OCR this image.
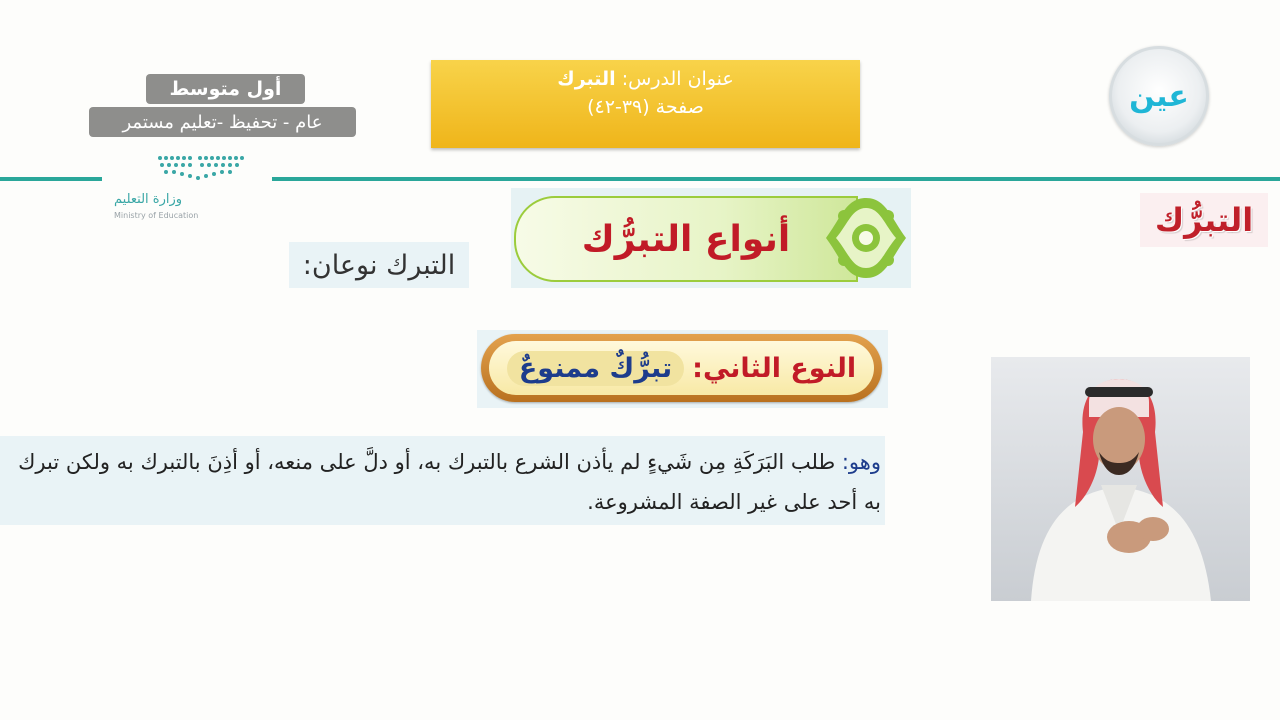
أول متوسط
عام - تحفيظ -تعليم مستمر
عنوان الدرس: التبرك
صفحة (٣٩-٤٢)	عين
وزارة التعليم
Ministry of Education	التبرُّك
أنواع التبرُّك
التبرك نوعان:
النوع الثاني:
تبرُّكٌ ممنوعٌ
وهو: طلب البَرَكَةِ مِن شَيءٍ لم يأذن الشرع بالتبرك به، أو دلَّ على منعه، أو أذِنَ بالتبرك به ولكن تبرك به أحد على غير الصفة المشروعة.
